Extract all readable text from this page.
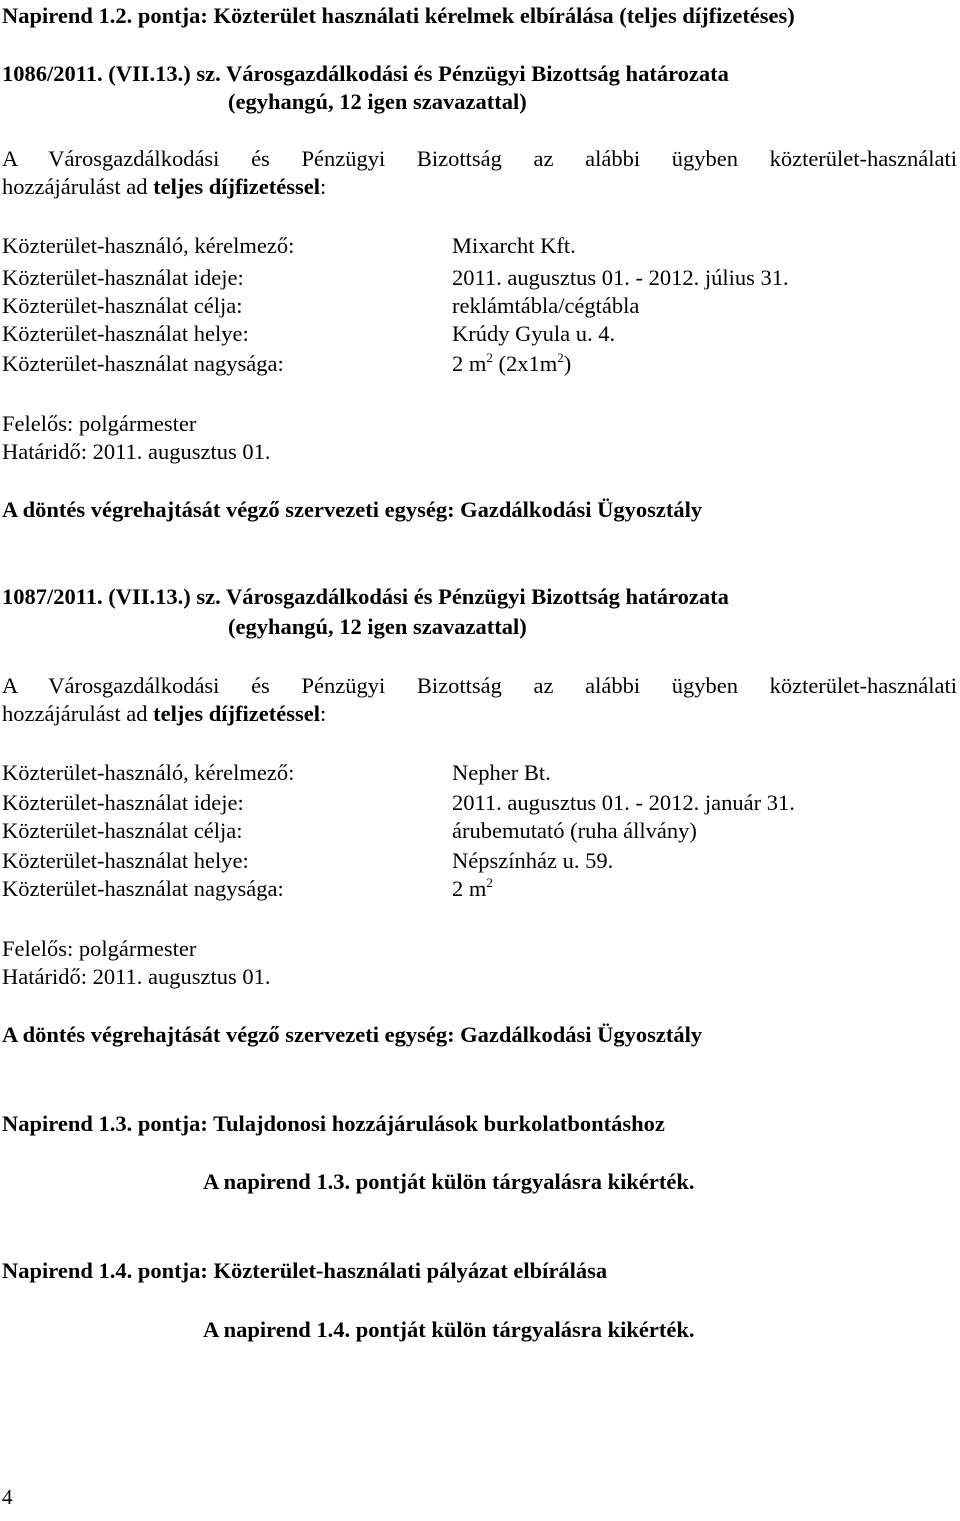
Napirend 1.2. pontja: Közterület használati kérelmek elbírálása (teljes díjfizetéses)
1086/2011. (VII.13.) sz. Városgazdálkodási és Pénzügyi Bizottság határozata
(egyhangú, 12 igen szavazattal)
A Városgazdálkodási és Pénzügyi Bizottság az alábbi ügyben közterület-használati
hozzájárulást ad teljes díjfizetéssel:
Közterület-használó, kérelmező:	Mixarcht Kft.
Közterület-használat ideje:	2011. augusztus 01. - 2012. július 31.
Közterület-használat célja:	reklámtábla/cégtábla
Közterület-használat helye:	Krúdy Gyula u. 4.
Közterület-használat nagysága:	2 $m^2$ $(2x1m^2)$
Felelős: polgármester
Határidő: 2011. augusztus 01.
A döntés végrehajtását végző szervezeti egység: Gazdálkodási Ügyosztály
1087/2011. (VII.13.) sz. Városgazdálkodási és Pénzügyi Bizottság határozata
(egyhangú, 12 igen szavazattal)
A Városgazdálkodási és Pénzügyi Bizottság az alábbi ügyben közterület-használati
hozzájárulást ad teljes díjfizetéssel:
Közterület-használó, kérelmező:	Nepher Bt.
Közterület-használat ideje:	2011. augusztus 01. - 2012. január 31.
Közterület-használat célja:	árubemutató (ruha állvány)
Közterület-használat helye:	Népszínház u. 59.
Közterület-használat nagysága:	2 $m^2$
Felelős: polgármester
Határidő: 2011. augusztus 01.
A döntés végrehajtását végző szervezeti egység: Gazdálkodási Ügyosztály
Napirend 1.3. pontja: Tulajdonosi hozzájárulások burkolatbontáshoz
A napirend 1.3. pontját külön tárgyalásra kikérték.
Napirend 1.4. pontja: Közterület-használati pályázat elbírálása
A napirend 1.4. pontját külön tárgyalásra kikérték.
4
